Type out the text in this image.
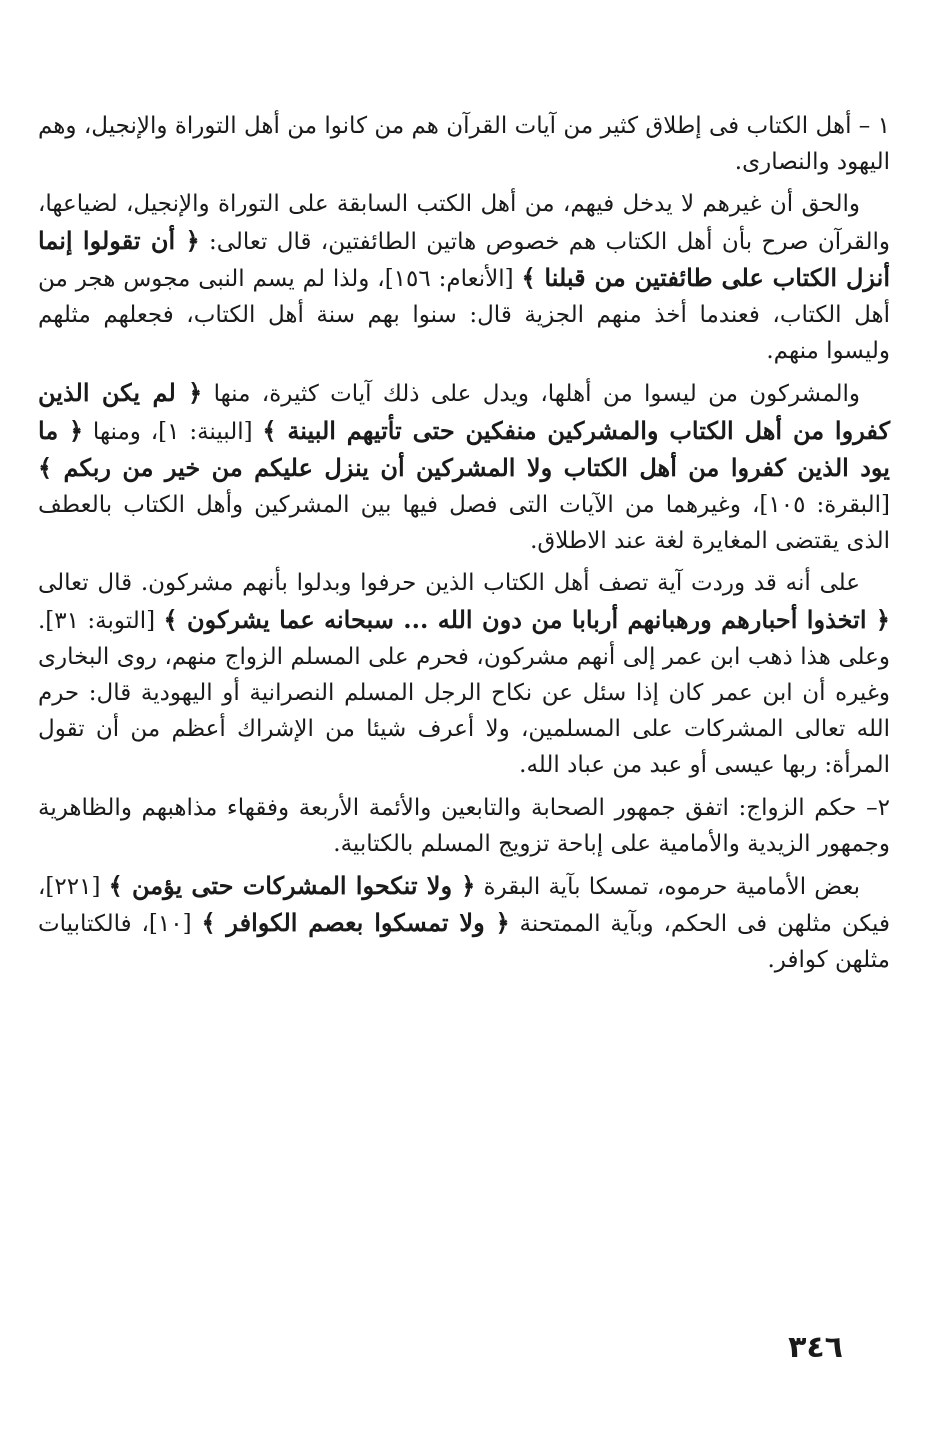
١ – أهل الكتاب فى إطلاق كثير من آيات القرآن هم من كانوا من أهل التوراة والإنجيل، وهم اليهود والنصارى.

والحق أن غيرهم لا يدخل فيهم، من أهل الكتب السابقة على التوراة والإنجيل، لضياعها، والقرآن صرح بأن أهل الكتاب هم خصوص هاتين الطائفتين، قال تعالى: ﴿ أن تقولوا إنما أنزل الكتاب على طائفتين من قبلنا ﴾ [الأنعام: ١٥٦]، ولذا لم يسم النبى مجوس هجر من أهل الكتاب، فعندما أخذ منهم الجزية قال: سنوا بهم سنة أهل الكتاب، فجعلهم مثلهم وليسوا منهم.

والمشركون من ليسوا من أهلها، ويدل على ذلك آيات كثيرة، منها ﴿ لم يكن الذين كفروا من أهل الكتاب والمشركين منفكين حتى تأتيهم البينة ﴾ [البينة: ١]، ومنها ﴿ ما يود الذين كفروا من أهل الكتاب ولا المشركين أن ينزل عليكم من خير من ربكم ﴾ [البقرة: ١٠٥]، وغيرهما من الآيات التى فصل فيها بين المشركين وأهل الكتاب بالعطف الذى يقتضى المغايرة لغة عند الاطلاق.

على أنه قد وردت آية تصف أهل الكتاب الذين حرفوا وبدلوا بأنهم مشركون. قال تعالى ﴿ اتخذوا أحبارهم ورهبانهم أربابا من دون الله ... سبحانه عما يشركون ﴾ [التوبة: ٣١]. وعلى هذا ذهب ابن عمر إلى أنهم مشركون، فحرم على المسلم الزواج منهم، روى البخارى وغيره أن ابن عمر كان إذا سئل عن نكاح الرجل المسلم النصرانية أو اليهودية قال: حرم الله تعالى المشركات على المسلمين، ولا أعرف شيئا من الإشراك أعظم من أن تقول المرأة: ربها عيسى أو عبد من عباد الله.

٢– حكم الزواج: اتفق جمهور الصحابة والتابعين والأئمة الأربعة وفقهاء مذاهبهم والظاهرية وجمهور الزيدية والأمامية على إباحة تزويج المسلم بالكتابية.

بعض الأمامية حرموه، تمسكا بآية البقرة ﴿ ولا تنكحوا المشركات حتى يؤمن ﴾ [٢٢١]، فيكن مثلهن فى الحكم، وبآية الممتحنة ﴿ ولا تمسكوا بعصم الكوافر ﴾ [١٠]، فالكتابيات مثلهن كوافر.

٣٤٦
